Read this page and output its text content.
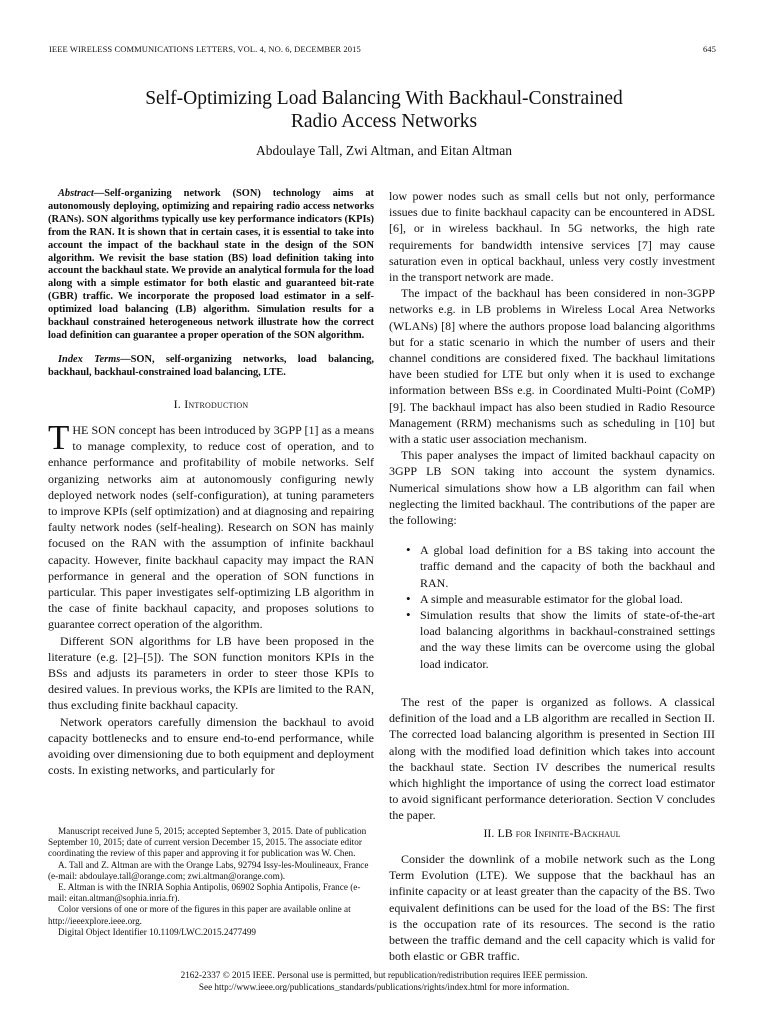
IEEE WIRELESS COMMUNICATIONS LETTERS, VOL. 4, NO. 6, DECEMBER 2015	645
Self-Optimizing Load Balancing With Backhaul-Constrained
Radio Access Networks
Abdoulaye Tall, Zwi Altman, and Eitan Altman

Abstract—Self-organizing network (SON) technology aims at autonomously deploying, optimizing and repairing radio access networks (RANs). SON algorithms typically use key performance indicators (KPIs) from the RAN. It is shown that in certain cases, it is essential to take into account the impact of the backhaul state in the design of the SON algorithm. We revisit the base station (BS) load definition taking into account the backhaul state. We provide an analytical formula for the load along with a simple estimator for both elastic and guaranteed bit-rate (GBR) traffic. We incorporate the proposed load estimator in a self-optimized load balancing (LB) algorithm. Simulation results for a backhaul constrained heterogeneous network illustrate how the correct load definition can guarantee a proper operation of the SON algorithm.

Index Terms—SON, self-organizing networks, load balancing, backhaul, backhaul-constrained load balancing, LTE.

I. Introduction

THE SON concept has been introduced by 3GPP [1] as a means to manage complexity, to reduce cost of operation, and to enhance performance and profitability of mobile networks. Self organizing networks aim at autonomously configuring newly deployed network nodes (self-configuration), at tuning parameters to improve KPIs (self optimization) and at diagnosing and repairing faulty network nodes (self-healing). Research on SON has mainly focused on the RAN with the assumption of infinite backhaul capacity. However, finite backhaul capacity may impact the RAN performance in general and the operation of SON functions in particular. This paper investigates self-optimizing LB algorithm in the case of finite backhaul capacity, and proposes solutions to guarantee correct operation of the algorithm.

Different SON algorithms for LB have been proposed in the literature (e.g. [2]–[5]). The SON function monitors KPIs in the BSs and adjusts its parameters in order to steer those KPIs to desired values. In previous works, the KPIs are limited to the RAN, thus excluding finite backhaul capacity.

Network operators carefully dimension the backhaul to avoid capacity bottlenecks and to ensure end-to-end performance, while avoiding over dimensioning due to both equipment and deployment costs. In existing networks, and particularly for

low power nodes such as small cells but not only, performance issues due to finite backhaul capacity can be encountered in ADSL [6], or in wireless backhaul. In 5G networks, the high rate requirements for bandwidth intensive services [7] may cause saturation even in optical backhaul, unless very costly investment in the transport network are made.

The impact of the backhaul has been considered in non-3GPP networks e.g. in LB problems in Wireless Local Area Networks (WLANs) [8] where the authors propose load balancing algorithms but for a static scenario in which the number of users and their channel conditions are considered fixed. The backhaul limitations have been studied for LTE but only when it is used to exchange information between BSs e.g. in Coordinated Multi-Point (CoMP) [9]. The backhaul impact has also been studied in Radio Resource Management (RRM) mechanisms such as scheduling in [10] but with a static user association mechanism.

This paper analyses the impact of limited backhaul capacity on 3GPP LB SON taking into account the system dynamics. Numerical simulations show how a LB algorithm can fail when neglecting the limited backhaul. The contributions of the paper are the following:

• A global load definition for a BS taking into account the traffic demand and the capacity of both the backhaul and RAN.
• A simple and measurable estimator for the global load.
• Simulation results that show the limits of state-of-the-art load balancing algorithms in backhaul-constrained settings and the way these limits can be overcome using the global load indicator.

The rest of the paper is organized as follows. A classical definition of the load and a LB algorithm are recalled in Section II. The corrected load balancing algorithm is presented in Section III along with the modified load definition which takes into account the backhaul state. Section IV describes the numerical results which highlight the importance of using the correct load estimator to avoid significant performance deterioration. Section V concludes the paper.

Manuscript received June 5, 2015; accepted September 3, 2015. Date of publication September 10, 2015; date of current version December 15, 2015. The associate editor coordinating the review of this paper and approving it for publication was W. Chen.

A. Tall and Z. Altman are with the Orange Labs, 92794 Issy-les-Moulineaux, France (e-mail: abdoulaye.tall@orange.com; zwi.altman@orange.com).

E. Altman is with the INRIA Sophia Antipolis, 06902 Sophia Antipolis, France (e-mail: eitan.altman@sophia.inria.fr).

Color versions of one or more of the figures in this paper are available online at http://ieeexplore.ieee.org.

Digital Object Identifier 10.1109/LWC.2015.2477499

II. LB for Infinite-Backhaul

Consider the downlink of a mobile network such as the Long Term Evolution (LTE). We suppose that the backhaul has an infinite capacity or at least greater than the capacity of the BS. Two equivalent definitions can be used for the load of the BS: The first is the occupation rate of its resources. The second is the ratio between the traffic demand and the cell capacity which is valid for both elastic or GBR traffic.

2162-2337 © 2015 IEEE. Personal use is permitted, but republication/redistribution requires IEEE permission.
See http://www.ieee.org/publications_standards/publications/rights/index.html for more information.
